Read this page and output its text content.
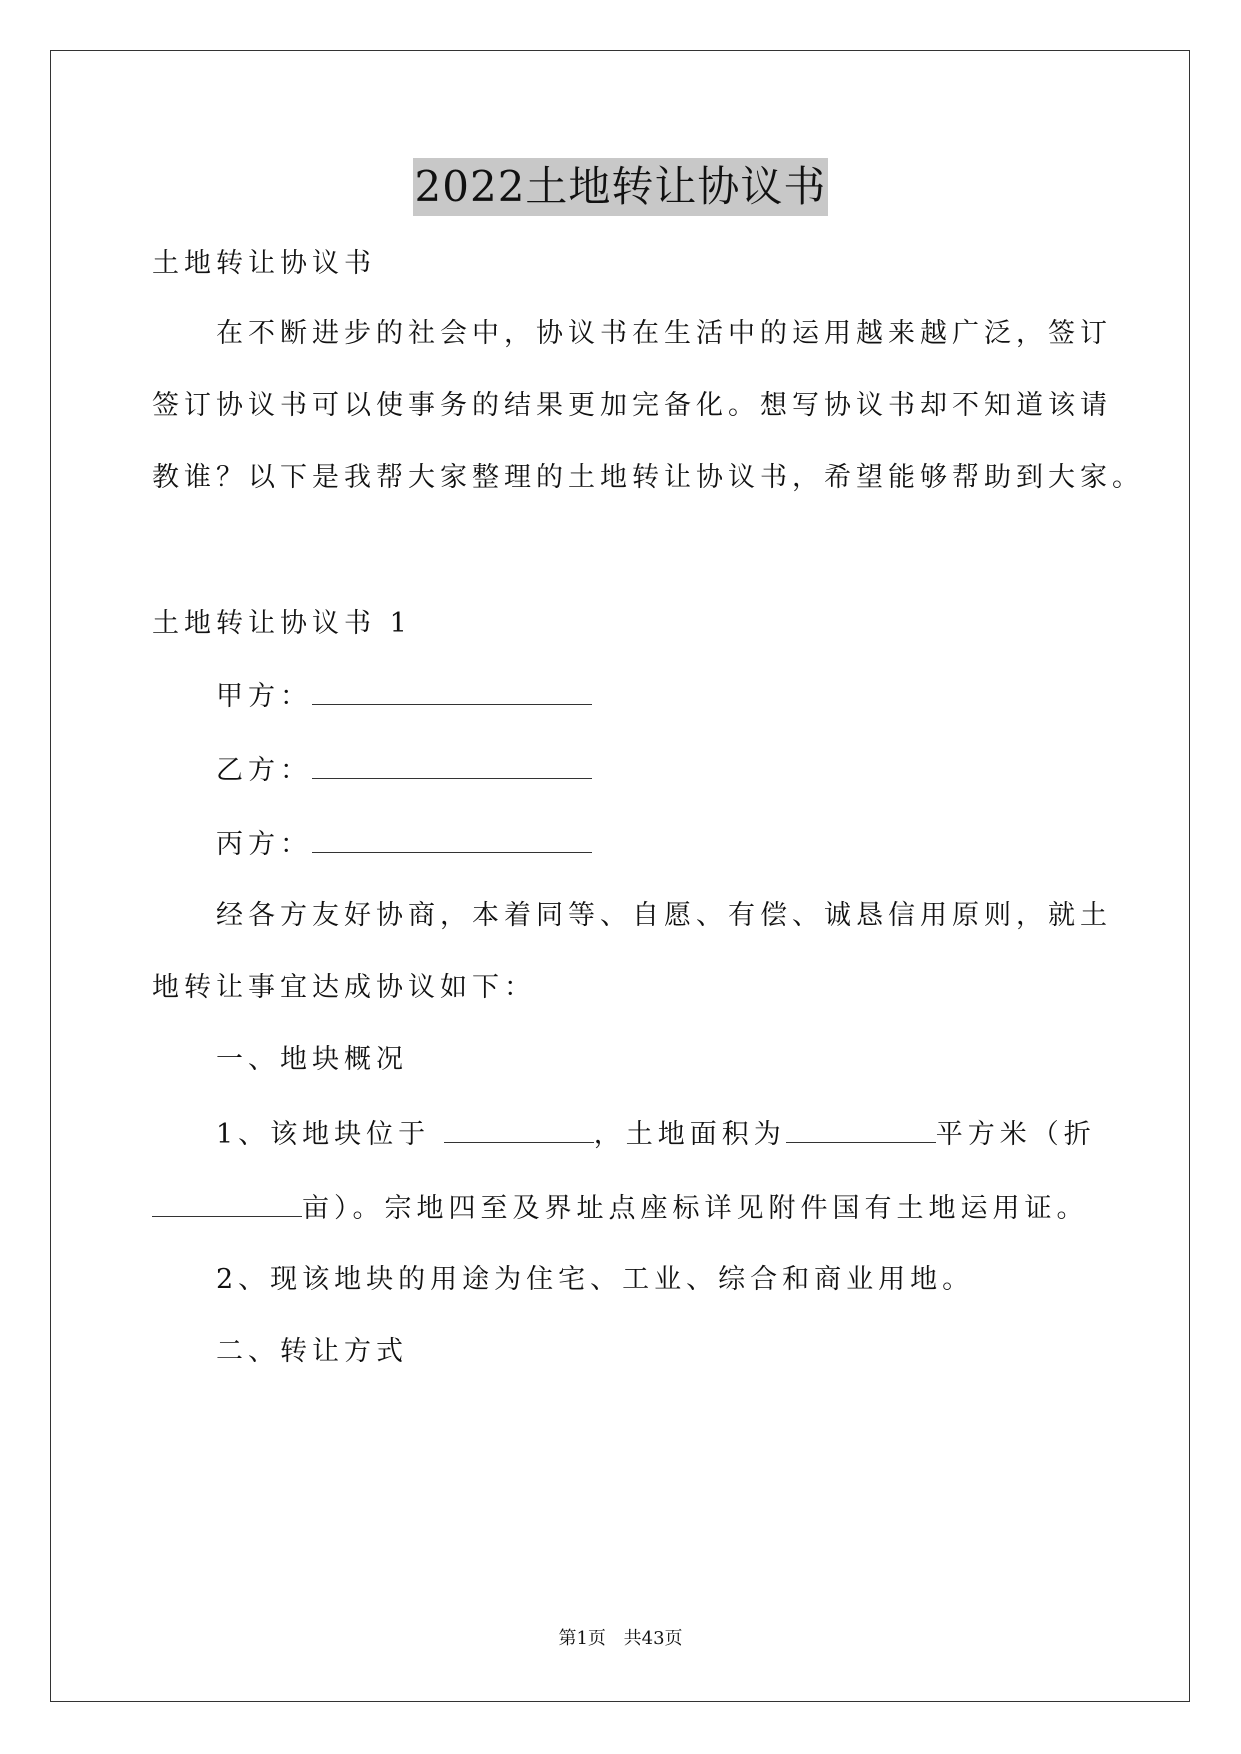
2022土地转让协议书
土地转让协议书
在不断进步的社会中，协议书在生活中的运用越来越广泛，签订
签订协议书可以使事务的结果更加完备化。想写协议书却不知道该请
教谁？以下是我帮大家整理的土地转让协议书，希望能够帮助到大家。
土地转让协议书 1
甲方：
乙方：
丙方：
经各方友好协商，本着同等、自愿、有偿、诚恳信用原则，就土
地转让事宜达成协议如下：
一、地块概况
1、该地块位于	，土地面积为	平方米（折
亩）。宗地四至及界址点座标详见附件国有土地运用证。
2、现该地块的用途为住宅、工业、综合和商业用地。
二、转让方式
第1页 共43页
